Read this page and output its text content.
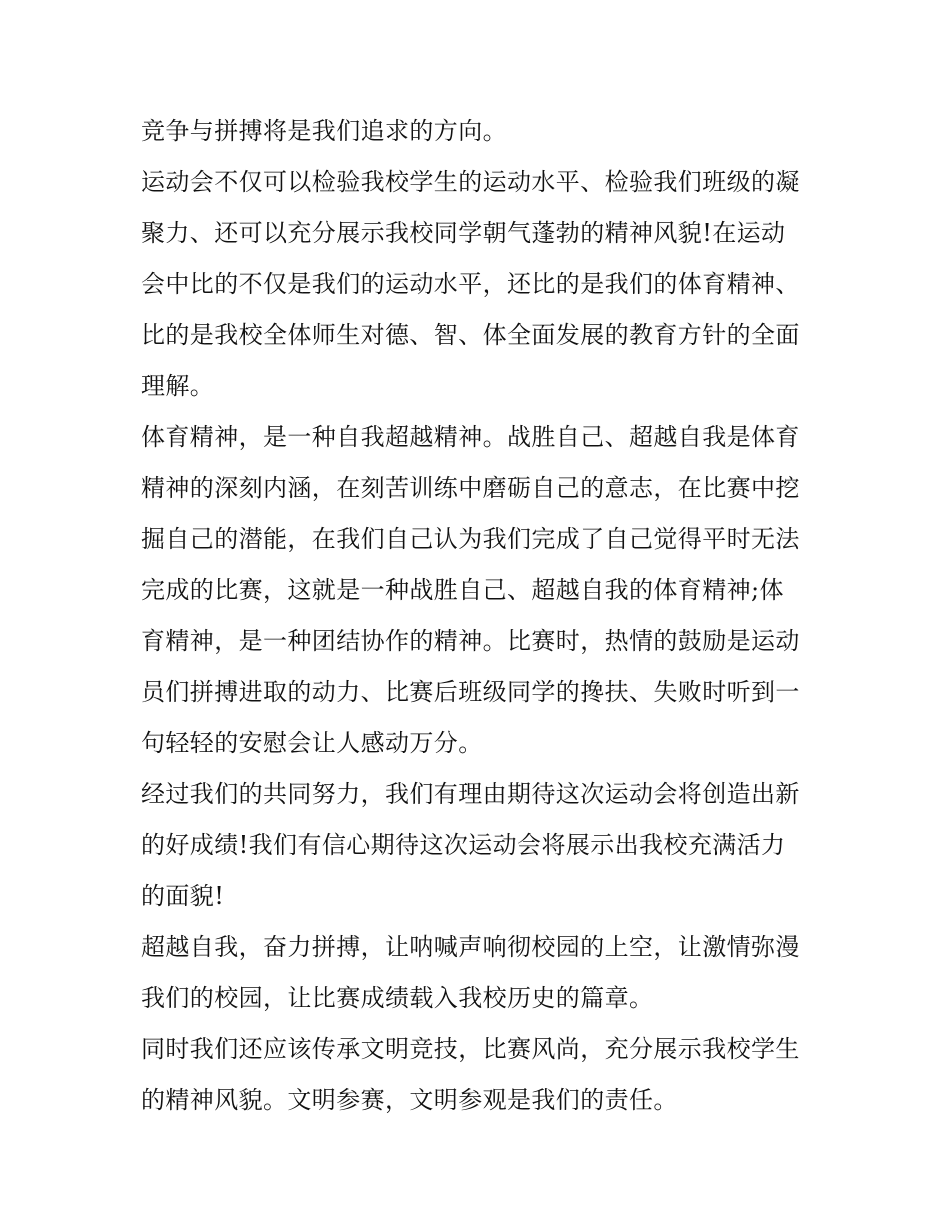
竞争与拼搏将是我们追求的方向。
运动会不仅可以检验我校学生的运动水平、检验我们班级的凝
聚力、还可以充分展示我校同学朝气蓬勃的精神风貌!在运动
会中比的不仅是我们的运动水平，还比的是我们的体育精神、
比的是我校全体师生对德、智、体全面发展的教育方针的全面
理解。
体育精神，是一种自我超越精神。战胜自己、超越自我是体育
精神的深刻内涵，在刻苦训练中磨砺自己的意志，在比赛中挖
掘自己的潜能，在我们自己认为我们完成了自己觉得平时无法
完成的比赛，这就是一种战胜自己、超越自我的体育精神;体
育精神，是一种团结协作的精神。比赛时，热情的鼓励是运动
员们拼搏进取的动力、比赛后班级同学的搀扶、失败时听到一
句轻轻的安慰会让人感动万分。
经过我们的共同努力，我们有理由期待这次运动会将创造出新
的好成绩!我们有信心期待这次运动会将展示出我校充满活力
的面貌!
超越自我，奋力拼搏，让呐喊声响彻校园的上空，让激情弥漫
我们的校园，让比赛成绩载入我校历史的篇章。
同时我们还应该传承文明竞技，比赛风尚，充分展示我校学生
的精神风貌。文明参赛，文明参观是我们的责任。
